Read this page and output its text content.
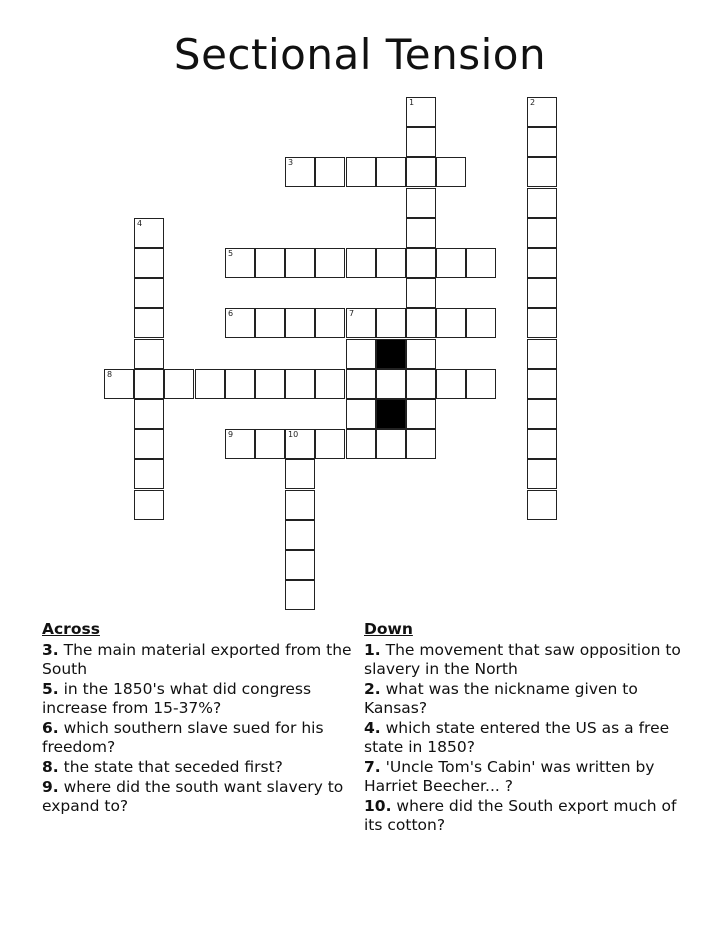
Sectional Tension
1	2
3
4
5
6	7
8
9	10
Across
3. The main material exported from the South
5. in the 1850's what did congress increase from 15-37%?
6. which southern slave sued for his freedom?
8. the state that seceded first?
9. where did the south want slavery to expand to?
Down
1. The movement that saw opposition to slavery in the North
2. what was the nickname given to Kansas?
4. which state entered the US as a free state in 1850?
7. 'Uncle Tom's Cabin' was written by Harriet Beecher... ?
10. where did the South export much of its cotton?
